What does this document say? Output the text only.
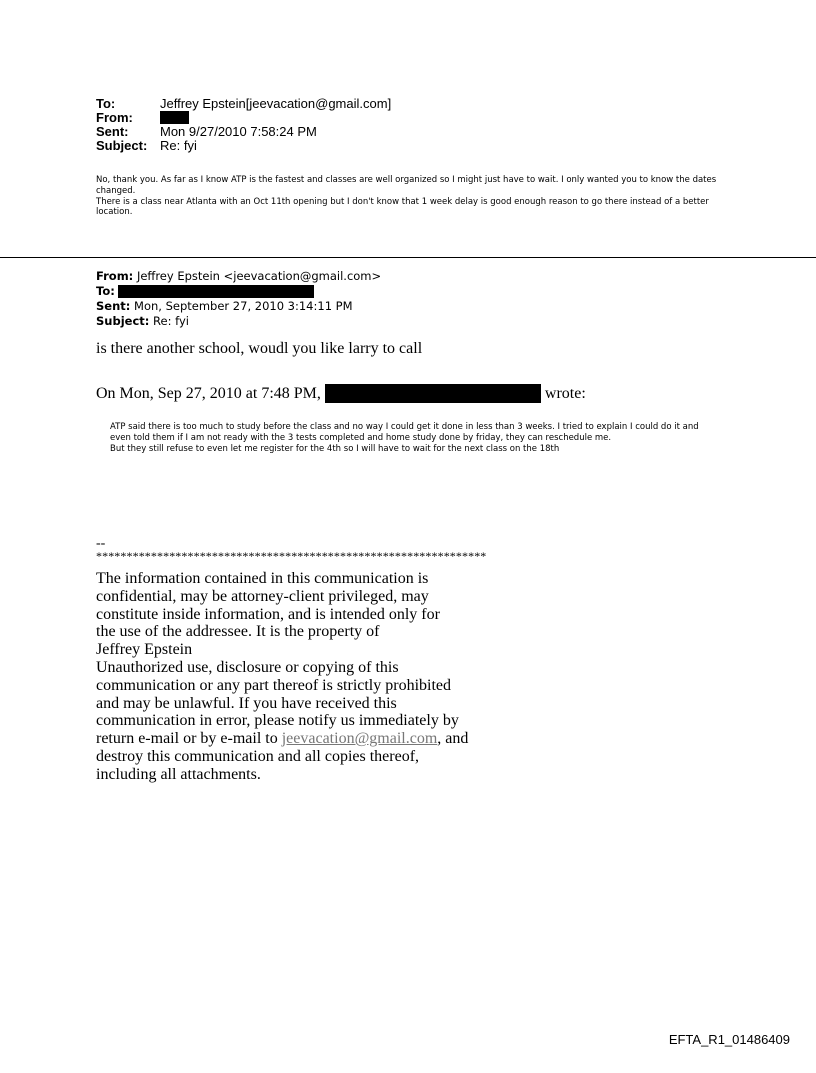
To:	Jeffrey Epstein[jeevacation@gmail.com]
From:
Sent:	Mon 9/27/2010 7:58:24 PM
Subject: Re: fyi
No, thank you. As far as I know ATP is the fastest and classes are well organized so I might just have to wait. I only wanted you to know the dates changed.
There is a class near Atlanta with an Oct 11th opening but I don't know that 1 week delay is good enough reason to go there instead of a better location.
From: Jeffrey Epstein <jeevacation@gmail.com>
To:
Sent: Mon, September 27, 2010 3:14:11 PM
Subject: Re: fyi
is there another school, woudl you like larry to call
On Mon, Sep 27, 2010 at 7:48 PM,	wrote:
ATP said there is too much to study before the class and no way I could get it done in less than 3 weeks. I tried to explain I could do it and even told them if I am not ready with the 3 tests completed and home study done by friday, they can reschedule me.
But they still refuse to even let me register for the 4th so I will have to wait for the next class on the 18th
--
****************************************************************
The information contained in this communication is
confidential, may be attorney-client privileged, may
constitute inside information, and is intended only for
the use of the addressee. It is the property of
Jeffrey Epstein
Unauthorized use, disclosure or copying of this
communication or any part thereof is strictly prohibited
and may be unlawful. If you have received this
communication in error, please notify us immediately by
return e-mail or by e-mail to jeevacation@gmail.com, and
destroy this communication and all copies thereof,
including all attachments.
EFTA_R1_01486409
